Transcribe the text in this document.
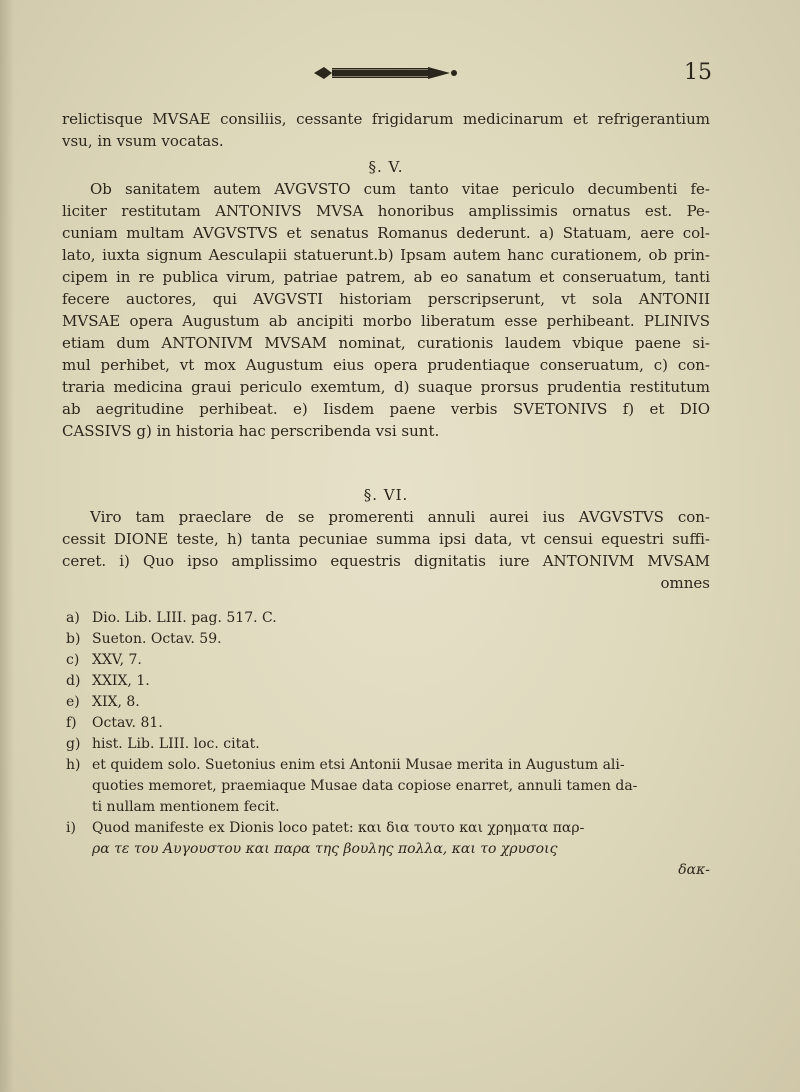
15
relictisque MVSAE consiliis, cessante frigidarum medicinarum et refrigerantium
vsu, in vsum vocatas.
§. V.
Ob sanitatem autem AVGVSTO cum tanto vitae periculo decumbenti fe-
liciter restitutam ANTONIVS MVSA honoribus amplissimis ornatus est. Pe-
cuniam multam AVGVSTVS et senatus Romanus dederunt. a) Statuam, aere col-
lato, iuxta signum Aesculapii statuerunt.b) Ipsam autem hanc curationem, ob prin-
cipem in re publica virum, patriae patrem, ab eo sanatum et conseruatum, tanti
fecere auctores, qui AVGVSTI historiam perscripserunt, vt sola ANTONII
MVSAE opera Augustum ab ancipiti morbo liberatum esse perhibeant. PLINIVS
etiam dum ANTONIVM MVSAM nominat, curationis laudem vbique paene si-
mul perhibet, vt mox Augustum eius opera prudentiaque conseruatum, c) con-
traria medicina graui periculo exemtum, d) suaque prorsus prudentia restitutum
ab aegritudine perhibeat. e) Iisdem paene verbis SVETONIVS f) et DIO
CASSIVS g) in historia hac perscribenda vsi sunt.
§. VI.
Viro tam praeclare de se promerenti annuli aurei ius AVGVSTVS con-
cessit DIONE teste, h) tanta pecuniae summa ipsi data, vt censui equestri suffi-
ceret. i) Quo ipso amplissimo equestris dignitatis iure ANTONIVM MVSAM
omnes
a) Dio. Lib. LIII. pag. 517. C.
b) Sueton. Octav. 59.
c) XXV, 7.
d) XXIX, 1.
e) XIX, 8.
f) Octav. 81.
g) hist. Lib. LIII. loc. citat.
h) et quidem solo. Suetonius enim etsi Antonii Musae merita in Augustum ali-
quoties memoret, praemiaque Musae data copiose enarret, annuli tamen da-
ti nullam mentionem fecit.
i) Quod manifeste ex Dionis loco patet: και δια τουτο και χρηματα παρ-
ρα τε του Αυγουστου και παρα της βουλης πολλα, και το χρυσοις
δακ-
